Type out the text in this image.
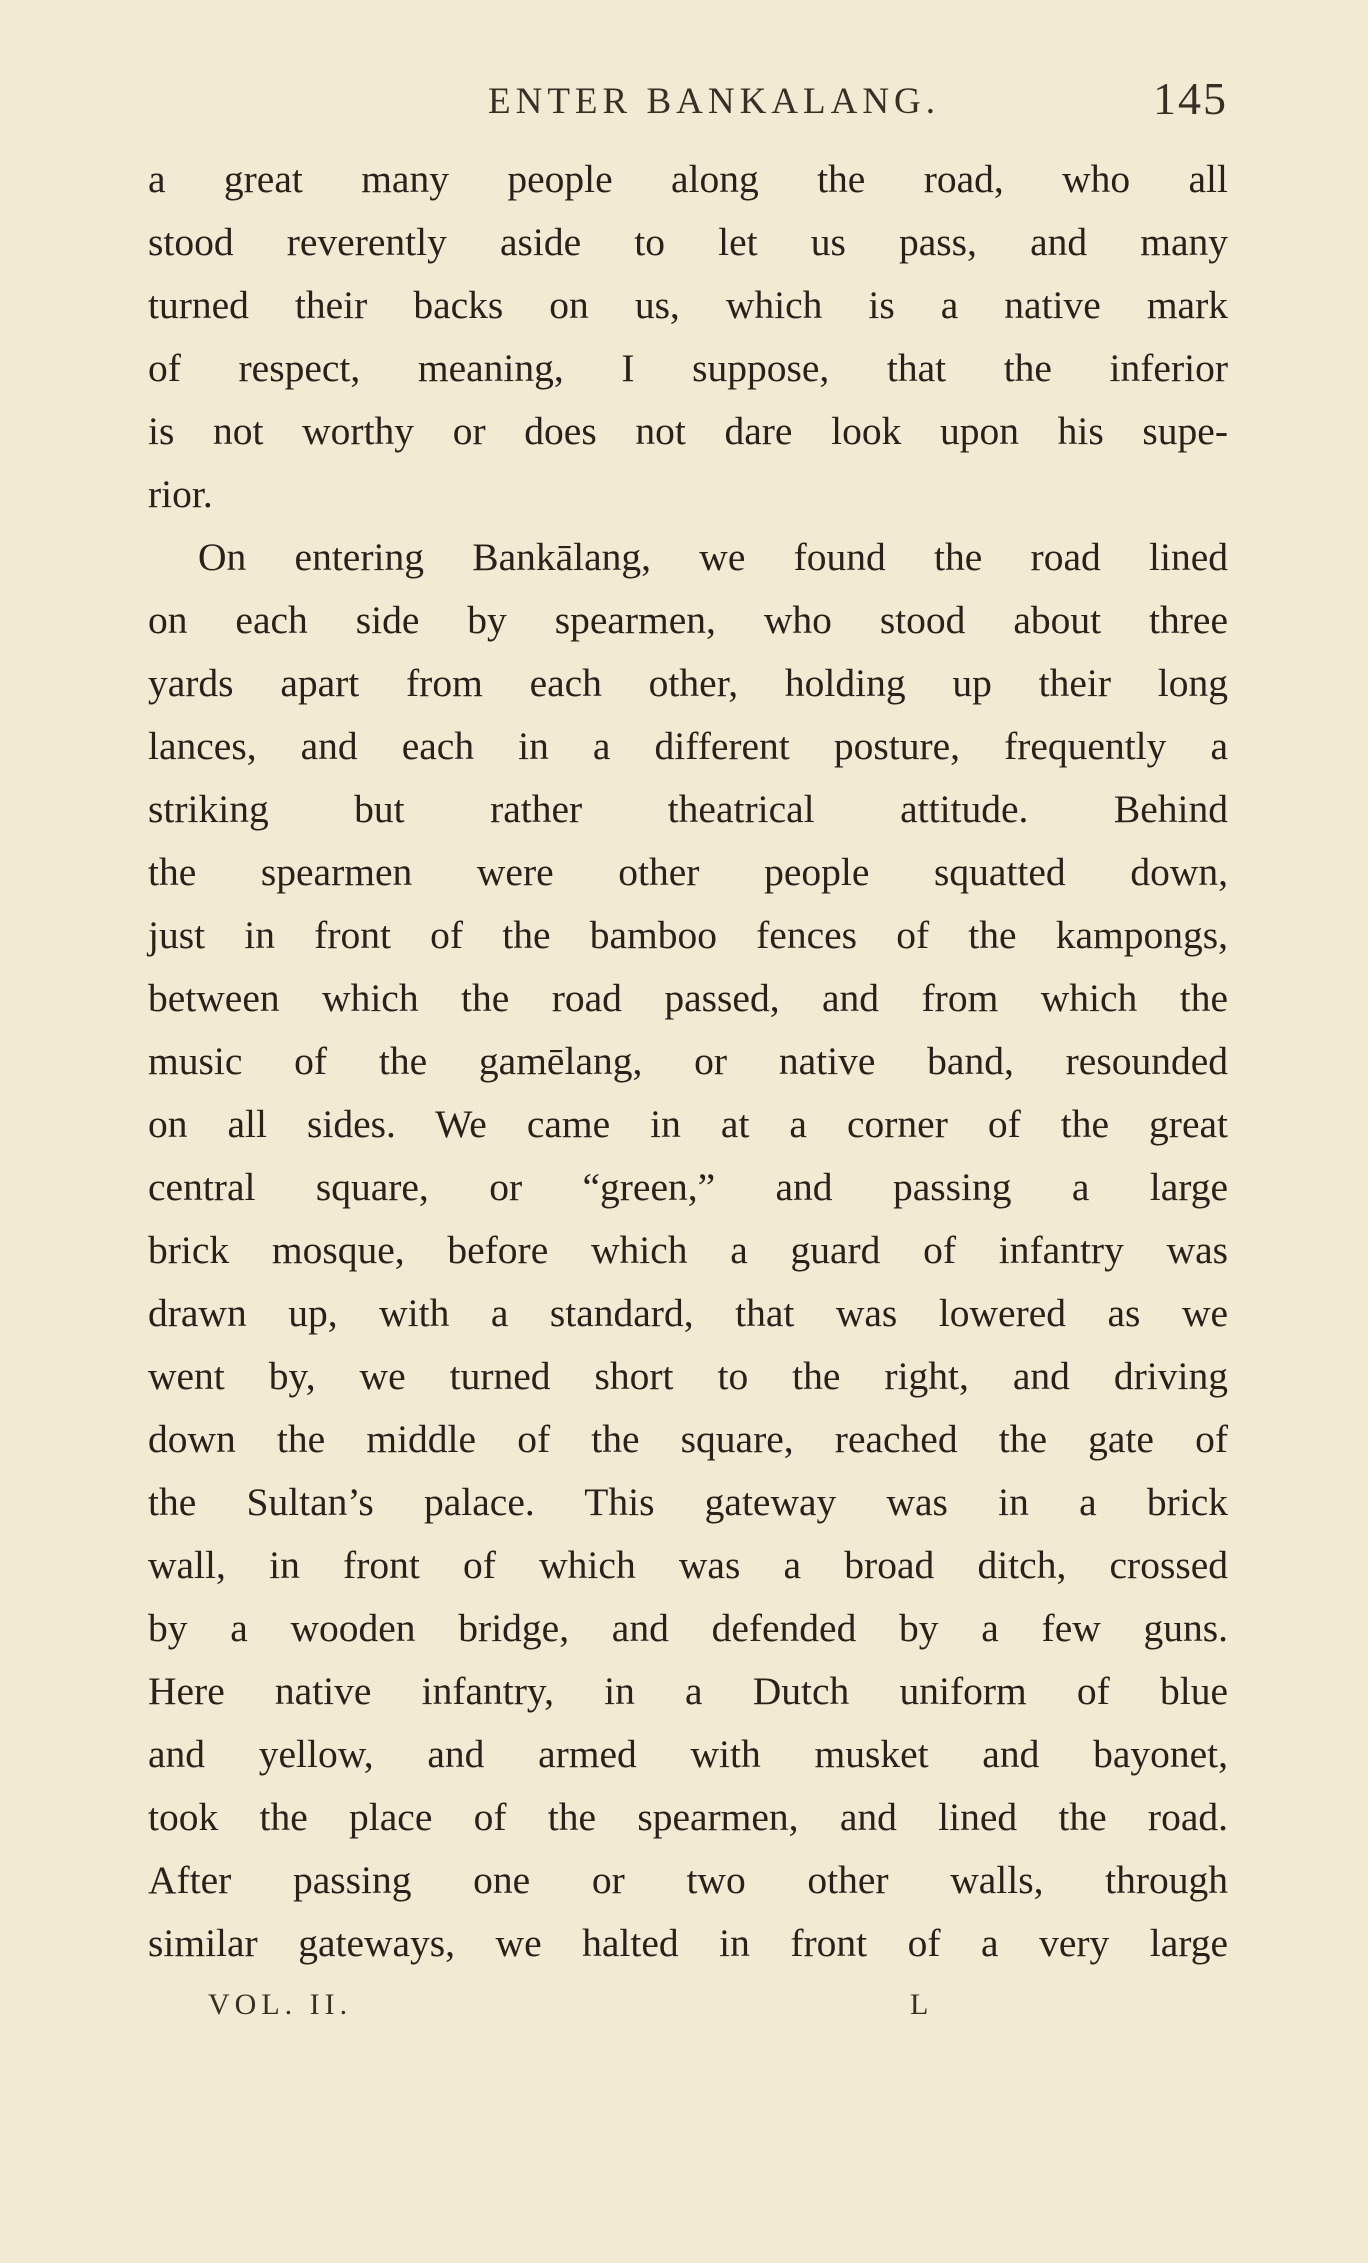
ENTER BANKALANG.	145
a great many people along the road, who all
stood reverently aside to let us pass, and many
turned their backs on us, which is a native mark
of respect, meaning, I suppose, that the inferior
is not worthy or does not dare look upon his supe-
rior.
On entering Bankālang, we found the road lined
on each side by spearmen, who stood about three
yards apart from each other, holding up their long
lances, and each in a different posture, frequently a
striking but rather theatrical attitude. Behind
the spearmen were other people squatted down,
just in front of the bamboo fences of the kampongs,
between which the road passed, and from which the
music of the gamēlang, or native band, resounded
on all sides. We came in at a corner of the great
central square, or “green,” and passing a large
brick mosque, before which a guard of infantry was
drawn up, with a standard, that was lowered as we
went by, we turned short to the right, and driving
down the middle of the square, reached the gate of
the Sultan’s palace. This gateway was in a brick
wall, in front of which was a broad ditch, crossed
by a wooden bridge, and defended by a few guns.
Here native infantry, in a Dutch uniform of blue
and yellow, and armed with musket and bayonet,
took the place of the spearmen, and lined the road.
After passing one or two other walls, through
similar gateways, we halted in front of a very large
VOL. II.	L
